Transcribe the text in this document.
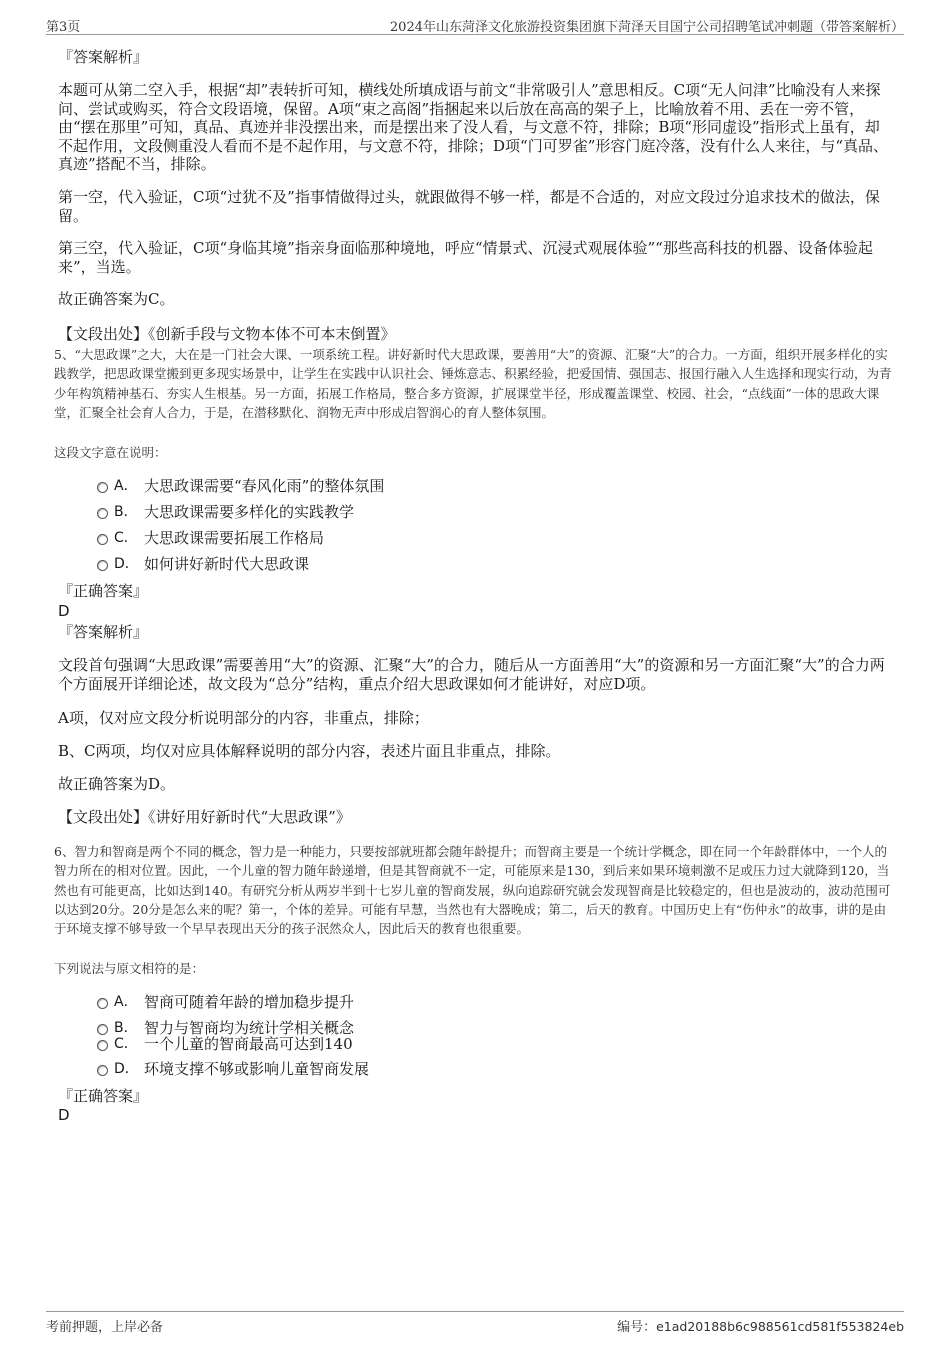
第3页	2024年山东菏泽文化旅游投资集团旗下菏泽天目国宁公司招聘笔试冲刺题（带答案解析）
『答案解析』
本题可从第二空入手，根据“却”表转折可知，横线处所填成语与前文“非常吸引人”意思相反。C项“无人问津”比喻没有人来探问、尝试或购买，符合文段语境，保留。A项“束之高阁”指捆起来以后放在高高的架子上，比喻放着不用、丢在一旁不管，由“摆在那里”可知，真品、真迹并非没摆出来，而是摆出来了没人看，与文意不符，排除；B项“形同虚设”指形式上虽有，却不起作用，文段侧重没人看而不是不起作用，与文意不符，排除；D项“门可罗雀”形容门庭冷落，没有什么人来往，与“真品、真迹”搭配不当，排除。
第一空，代入验证，C项“过犹不及”指事情做得过头，就跟做得不够一样，都是不合适的，对应文段过分追求技术的做法，保留。
第三空，代入验证，C项“身临其境”指亲身面临那种境地，呼应“情景式、沉浸式观展体验”“那些高科技的机器、设备体验起来”，当选。
故正确答案为C。
【文段出处】《创新手段与文物本体不可本末倒置》
5、“大思政课”之大，大在是一门社会大课、一项系统工程。讲好新时代大思政课，要善用“大”的资源、汇聚“大”的合力。一方面，组织开展多样化的实践教学，把思政课堂搬到更多现实场景中，让学生在实践中认识社会、锤炼意志、积累经验，把爱国情、强国志、报国行融入人生选择和现实行动，为青少年构筑精神基石、夯实人生根基。另一方面，拓展工作格局，整合多方资源，扩展课堂半径，形成覆盖课堂、校园、社会，“点线面”一体的思政大课堂，汇聚全社会育人合力，于是，在潜移默化、润物无声中形成启智润心的育人整体氛围。
这段文字意在说明：
A． 大思政课需要“春风化雨”的整体氛围
B． 大思政课需要多样化的实践教学
C． 大思政课需要拓展工作格局
D． 如何讲好新时代大思政课
『正确答案』
D
『答案解析』
文段首句强调“大思政课”需要善用“大”的资源、汇聚“大”的合力，随后从一方面善用“大”的资源和另一方面汇聚“大”的合力两个方面展开详细论述，故文段为“总分”结构，重点介绍大思政课如何才能讲好，对应D项。
A项，仅对应文段分析说明部分的内容，非重点，排除；
B、C两项，均仅对应具体解释说明的部分内容，表述片面且非重点，排除。
故正确答案为D。
【文段出处】《讲好用好新时代“大思政课”》
6、智力和智商是两个不同的概念，智力是一种能力，只要按部就班都会随年龄提升；而智商主要是一个统计学概念，即在同一个年龄群体中，一个人的智力所在的相对位置。因此，一个儿童的智力随年龄递增，但是其智商就不一定，可能原来是130，到后来如果环境刺激不足或压力过大就降到120，当然也有可能更高，比如达到140。有研究分析从两岁半到十七岁儿童的智商发展，纵向追踪研究就会发现智商是比较稳定的，但也是波动的，波动范围可以达到20分。20分是怎么来的呢？第一，个体的差异。可能有早慧，当然也有大器晚成；第二，后天的教育。中国历史上有“伤仲永”的故事，讲的是由于环境支撑不够导致一个早早表现出天分的孩子泯然众人，因此后天的教育也很重要。
下列说法与原文相符的是：
A． 智商可随着年龄的增加稳步提升
B． 智力与智商均为统计学相关概念
C． 一个儿童的智商最高可达到140
D． 环境支撑不够或影响儿童智商发展
『正确答案』
D
考前押题，上岸必备	编号：e1ad20188b6c988561cd581f553824eb
